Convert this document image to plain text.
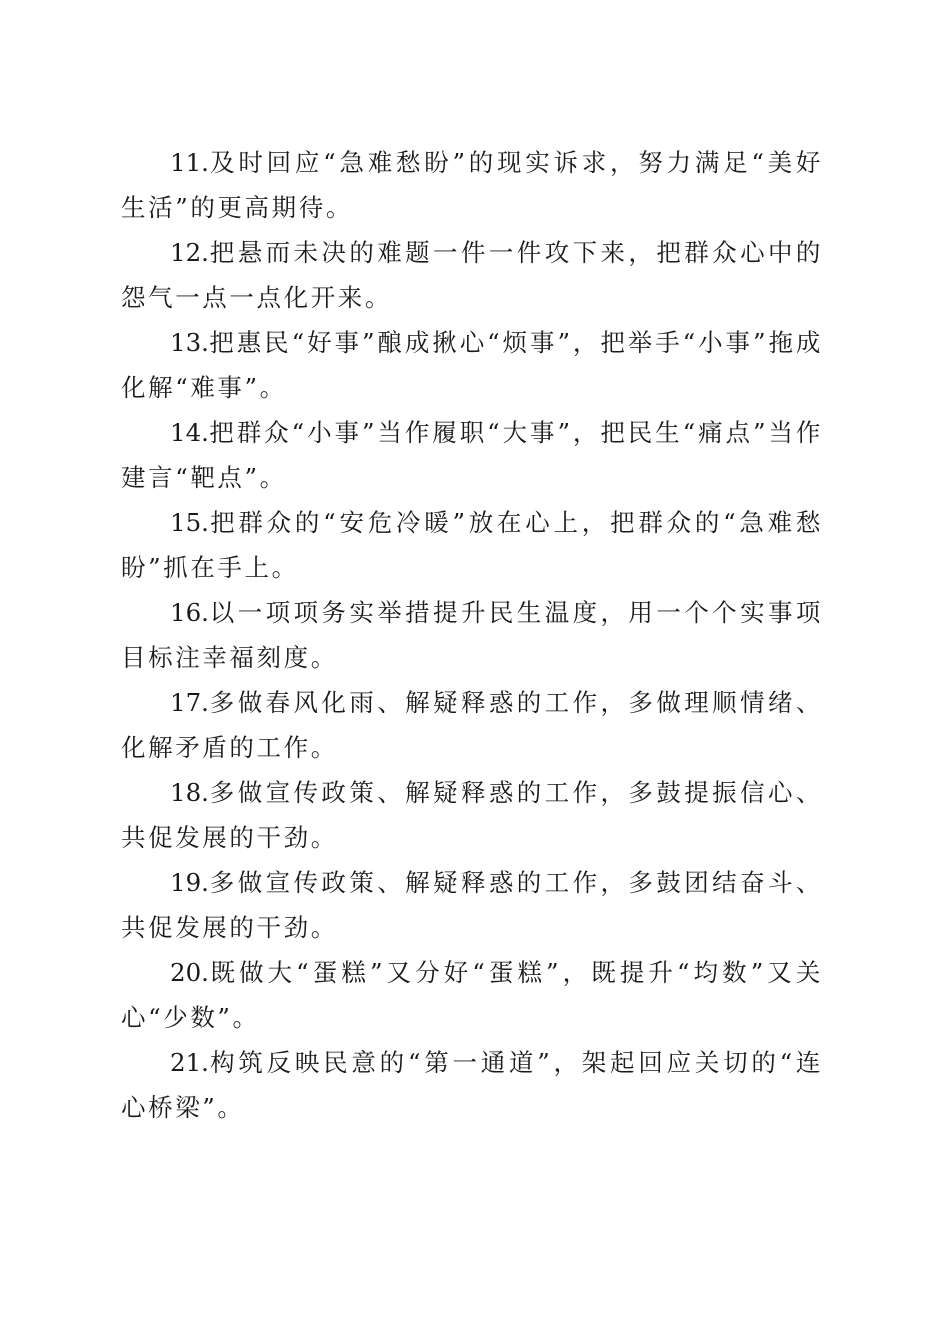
11.及时回应“急难愁盼”的现实诉求，努力满足“美好生活”的更高期待。

12.把悬而未决的难题一件一件攻下来，把群众心中的怨气一点一点化开来。

13.把惠民“好事”酿成揪心“烦事”，把举手“小事”拖成化解“难事”。

14.把群众“小事”当作履职“大事”，把民生“痛点”当作建言“靶点”。

15.把群众的“安危冷暖”放在心上，把群众的“急难愁盼”抓在手上。

16.以一项项务实举措提升民生温度，用一个个实事项目标注幸福刻度。

17.多做春风化雨、解疑释惑的工作，多做理顺情绪、化解矛盾的工作。

18.多做宣传政策、解疑释惑的工作，多鼓提振信心、共促发展的干劲。

19.多做宣传政策、解疑释惑的工作，多鼓团结奋斗、共促发展的干劲。

20.既做大“蛋糕”又分好“蛋糕”，既提升“均数”又关心“少数”。

21.构筑反映民意的“第一通道”，架起回应关切的“连心桥梁”。
